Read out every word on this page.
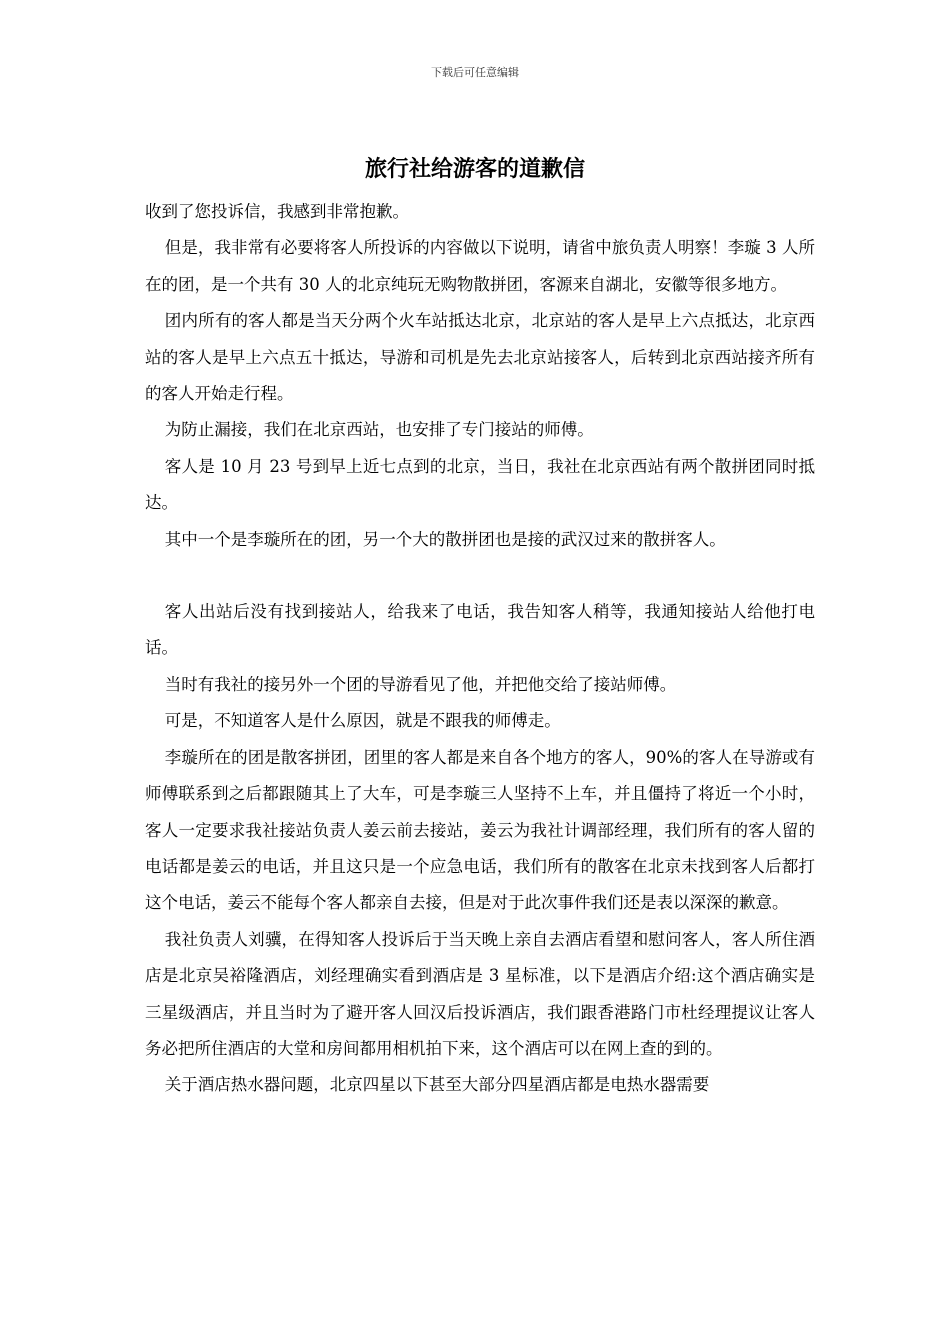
下载后可任意编辑
旅行社给游客的道歉信

收到了您投诉信，我感到非常抱歉。

但是，我非常有必要将客人所投诉的内容做以下说明，请省中旅负责人明察！李璇 3 人所在的团，是一个共有 30 人的北京纯玩无购物散拼团，客源来自湖北，安徽等很多地方。

团内所有的客人都是当天分两个火车站抵达北京，北京站的客人是早上六点抵达，北京西站的客人是早上六点五十抵达，导游和司机是先去北京站接客人，后转到北京西站接齐所有的客人开始走行程。

为防止漏接，我们在北京西站，也安排了专门接站的师傅。

客人是 10 月 23 号到早上近七点到的北京，当日，我社在北京西站有两个散拼团同时抵达。

其中一个是李璇所在的团，另一个大的散拼团也是接的武汉过来的散拼客人。

客人出站后没有找到接站人，给我来了电话，我告知客人稍等，我通知接站人给他打电话。

当时有我社的接另外一个团的导游看见了他，并把他交给了接站师傅。

可是，不知道客人是什么原因，就是不跟我的师傅走。

李璇所在的团是散客拼团，团里的客人都是来自各个地方的客人，90%的客人在导游或有师傅联系到之后都跟随其上了大车，可是李璇三人坚持不上车，并且僵持了将近一个小时，客人一定要求我社接站负责人姜云前去接站，姜云为我社计调部经理，我们所有的客人留的电话都是姜云的电话，并且这只是一个应急电话，我们所有的散客在北京未找到客人后都打这个电话，姜云不能每个客人都亲自去接，但是对于此次事件我们还是表以深深的歉意。

我社负责人刘骥，在得知客人投诉后于当天晚上亲自去酒店看望和慰问客人，客人所住酒店是北京吴裕隆酒店，刘经理确实看到酒店是 3 星标准，以下是酒店介绍:这个酒店确实是三星级酒店，并且当时为了避开客人回汉后投诉酒店，我们跟香港路门市杜经理提议让客人务必把所住酒店的大堂和房间都用相机拍下来，这个酒店可以在网上查的到的。

关于酒店热水器问题，北京四星以下甚至大部分四星酒店都是电热水器需要
